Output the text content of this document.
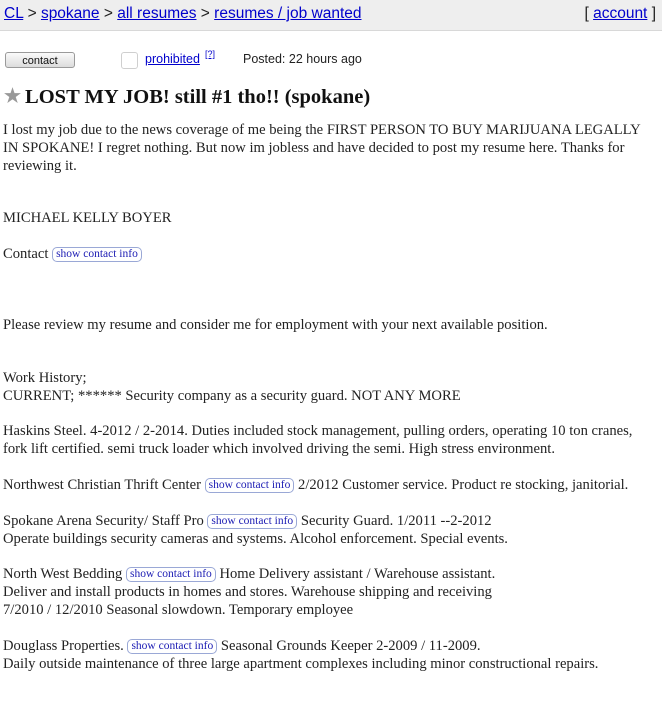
CL > spokane > all resumes > resumes / job wanted	[ account ]
contact	prohibited [?] Posted: 22 hours ago
★ LOST MY JOB! still #1 tho!! (spokane)

I lost my job due to the news coverage of me being the FIRST PERSON TO BUY MARIJUANA LEGALLY IN SPOKANE! I regret nothing. But now im jobless and have decided to post my resume here. Thanks for reviewing it.

MICHAEL KELLY BOYER

Contact show contact info

Please review my resume and consider me for employment with your next available position.

Work History;

CURRENT; ****** Security company as a security guard. NOT ANY MORE

Haskins Steel. 4-2012 / 2-2014. Duties included stock management, pulling orders, operating 10 ton cranes, fork lift certified. semi truck loader which involved driving the semi. High stress environment.

Northwest Christian Thrift Center show contact info 2/2012 Customer service. Product re stocking, janitorial.

Spokane Arena Security/ Staff Pro show contact info Security Guard. 1/2011 --2-2012
Operate buildings security cameras and systems. Alcohol enforcement. Special events.

North West Bedding show contact info Home Delivery assistant / Warehouse assistant.
Deliver and install products in homes and stores. Warehouse shipping and receiving
7/2010 / 12/2010 Seasonal slowdown. Temporary employee

Douglass Properties. show contact info Seasonal Grounds Keeper 2-2009 / 11-2009.
Daily outside maintenance of three large apartment complexes including minor constructional repairs.
